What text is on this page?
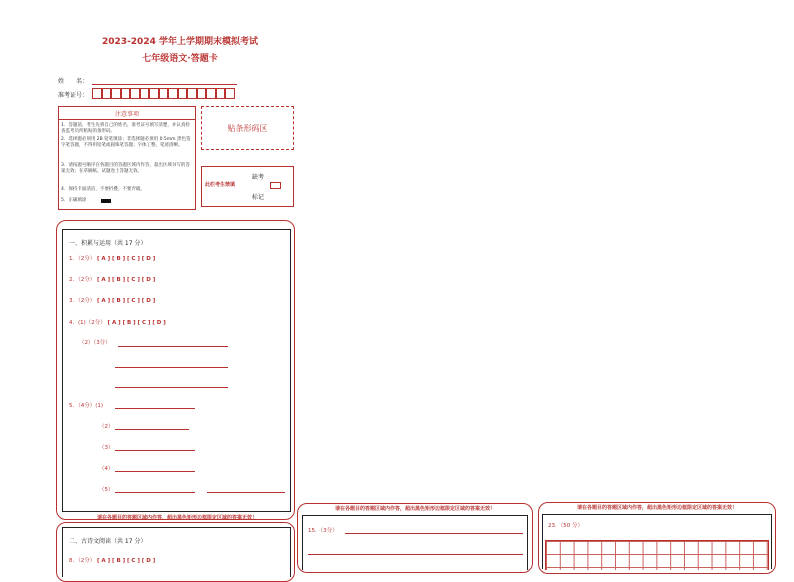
2023-2024 学年上学期期末模拟考试
七年级语文·答题卡
姓　　名：
准考证号：
注意事项
1．答题前，考生先将自己的姓名，准考证号填写清楚，并认真检查监考员所粘贴的条形码。
2．选择题必须用 2B 铅笔填涂；非选择题必须用 0.5mm 黑色签字笔答题，不得用铅笔或圆珠笔答题；字体工整、笔迹清晰。
3．请按题号顺序在各题目的答题区域内作答，超出区域书写的答案无效；在草稿纸、试题卷上答题无效。
4．保持卡面清洁，不要折叠、不要弄破。
5．正确填涂
贴条形码区
此栏考生禁填
缺考
标记
一、积累与运用（共 17 分）
1．（2分） [ A ] [ B ] [ C ] [ D ]
2．（2分） [ A ] [ B ] [ C ] [ D ]
3．（2分） [ A ] [ B ] [ C ] [ D ]
4．(1)（2分） [ A ] [ B ] [ C ] [ D ]
（2）（3分）
5．（4分）(1)
（2）
（3）
（4）
（5）
请在各题目的答题区域内作答，超出黑色矩形边框限定区域的答案无效！
二、古诗文阅读（共 17 分）
8．（2分） [ A ] [ B ] [ C ] [ D ]
请在各题目的答题区域内作答，超出黑色矩形边框限定区域的答案无效！
15．（3分）
请在各题目的答题区域内作答，超出黑色矩形边框限定区域的答案无效！
23．（50 分）
